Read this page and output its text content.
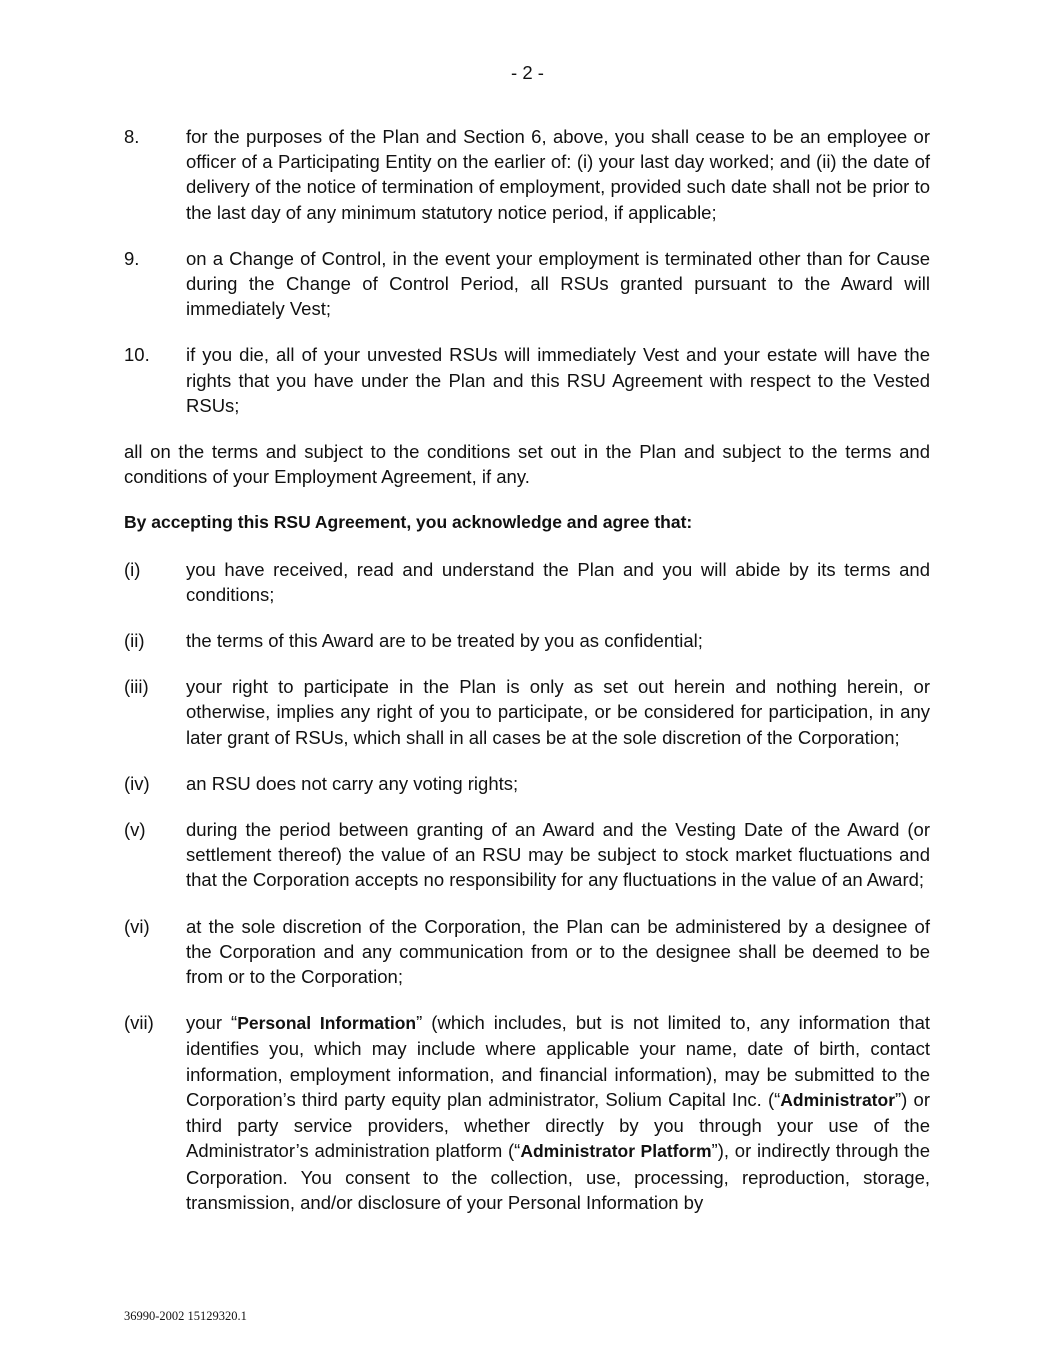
- 2 -
8.	for the purposes of the Plan and Section 6, above, you shall cease to be an employee or officer of a Participating Entity on the earlier of: (i) your last day worked; and (ii) the date of delivery of the notice of termination of employment, provided such date shall not be prior to the last day of any minimum statutory notice period, if applicable;
9.	on a Change of Control, in the event your employment is terminated other than for Cause during the Change of Control Period, all RSUs granted pursuant to the Award will immediately Vest;
10.	if you die, all of your unvested RSUs will immediately Vest and your estate will have the rights that you have under the Plan and this RSU Agreement with respect to the Vested RSUs;
all on the terms and subject to the conditions set out in the Plan and subject to the terms and conditions of your Employment Agreement, if any.
By accepting this RSU Agreement, you acknowledge and agree that:
(i)	you have received, read and understand the Plan and you will abide by its terms and conditions;
(ii)	the terms of this Award are to be treated by you as confidential;
(iii)	your right to participate in the Plan is only as set out herein and nothing herein, or otherwise, implies any right of you to participate, or be considered for participation, in any later grant of RSUs, which shall in all cases be at the sole discretion of the Corporation;
(iv)	an RSU does not carry any voting rights;
(v)	during the period between granting of an Award and the Vesting Date of the Award (or settlement thereof) the value of an RSU may be subject to stock market fluctuations and that the Corporation accepts no responsibility for any fluctuations in the value of an Award;
(vi)	at the sole discretion of the Corporation, the Plan can be administered by a designee of the Corporation and any communication from or to the designee shall be deemed to be from or to the Corporation;
(vii)	your “Personal Information” (which includes, but is not limited to, any information that identifies you, which may include where applicable your name, date of birth, contact information, employment information, and financial information), may be submitted to the Corporation’s third party equity plan administrator, Solium Capital Inc. (“Administrator”) or third party service providers, whether directly by you through your use of the Administrator’s administration platform (“Administrator Platform”), or indirectly through the Corporation. You consent to the collection, use, processing, reproduction, storage, transmission, and/or disclosure of your Personal Information by
36990-2002 15129320.1
